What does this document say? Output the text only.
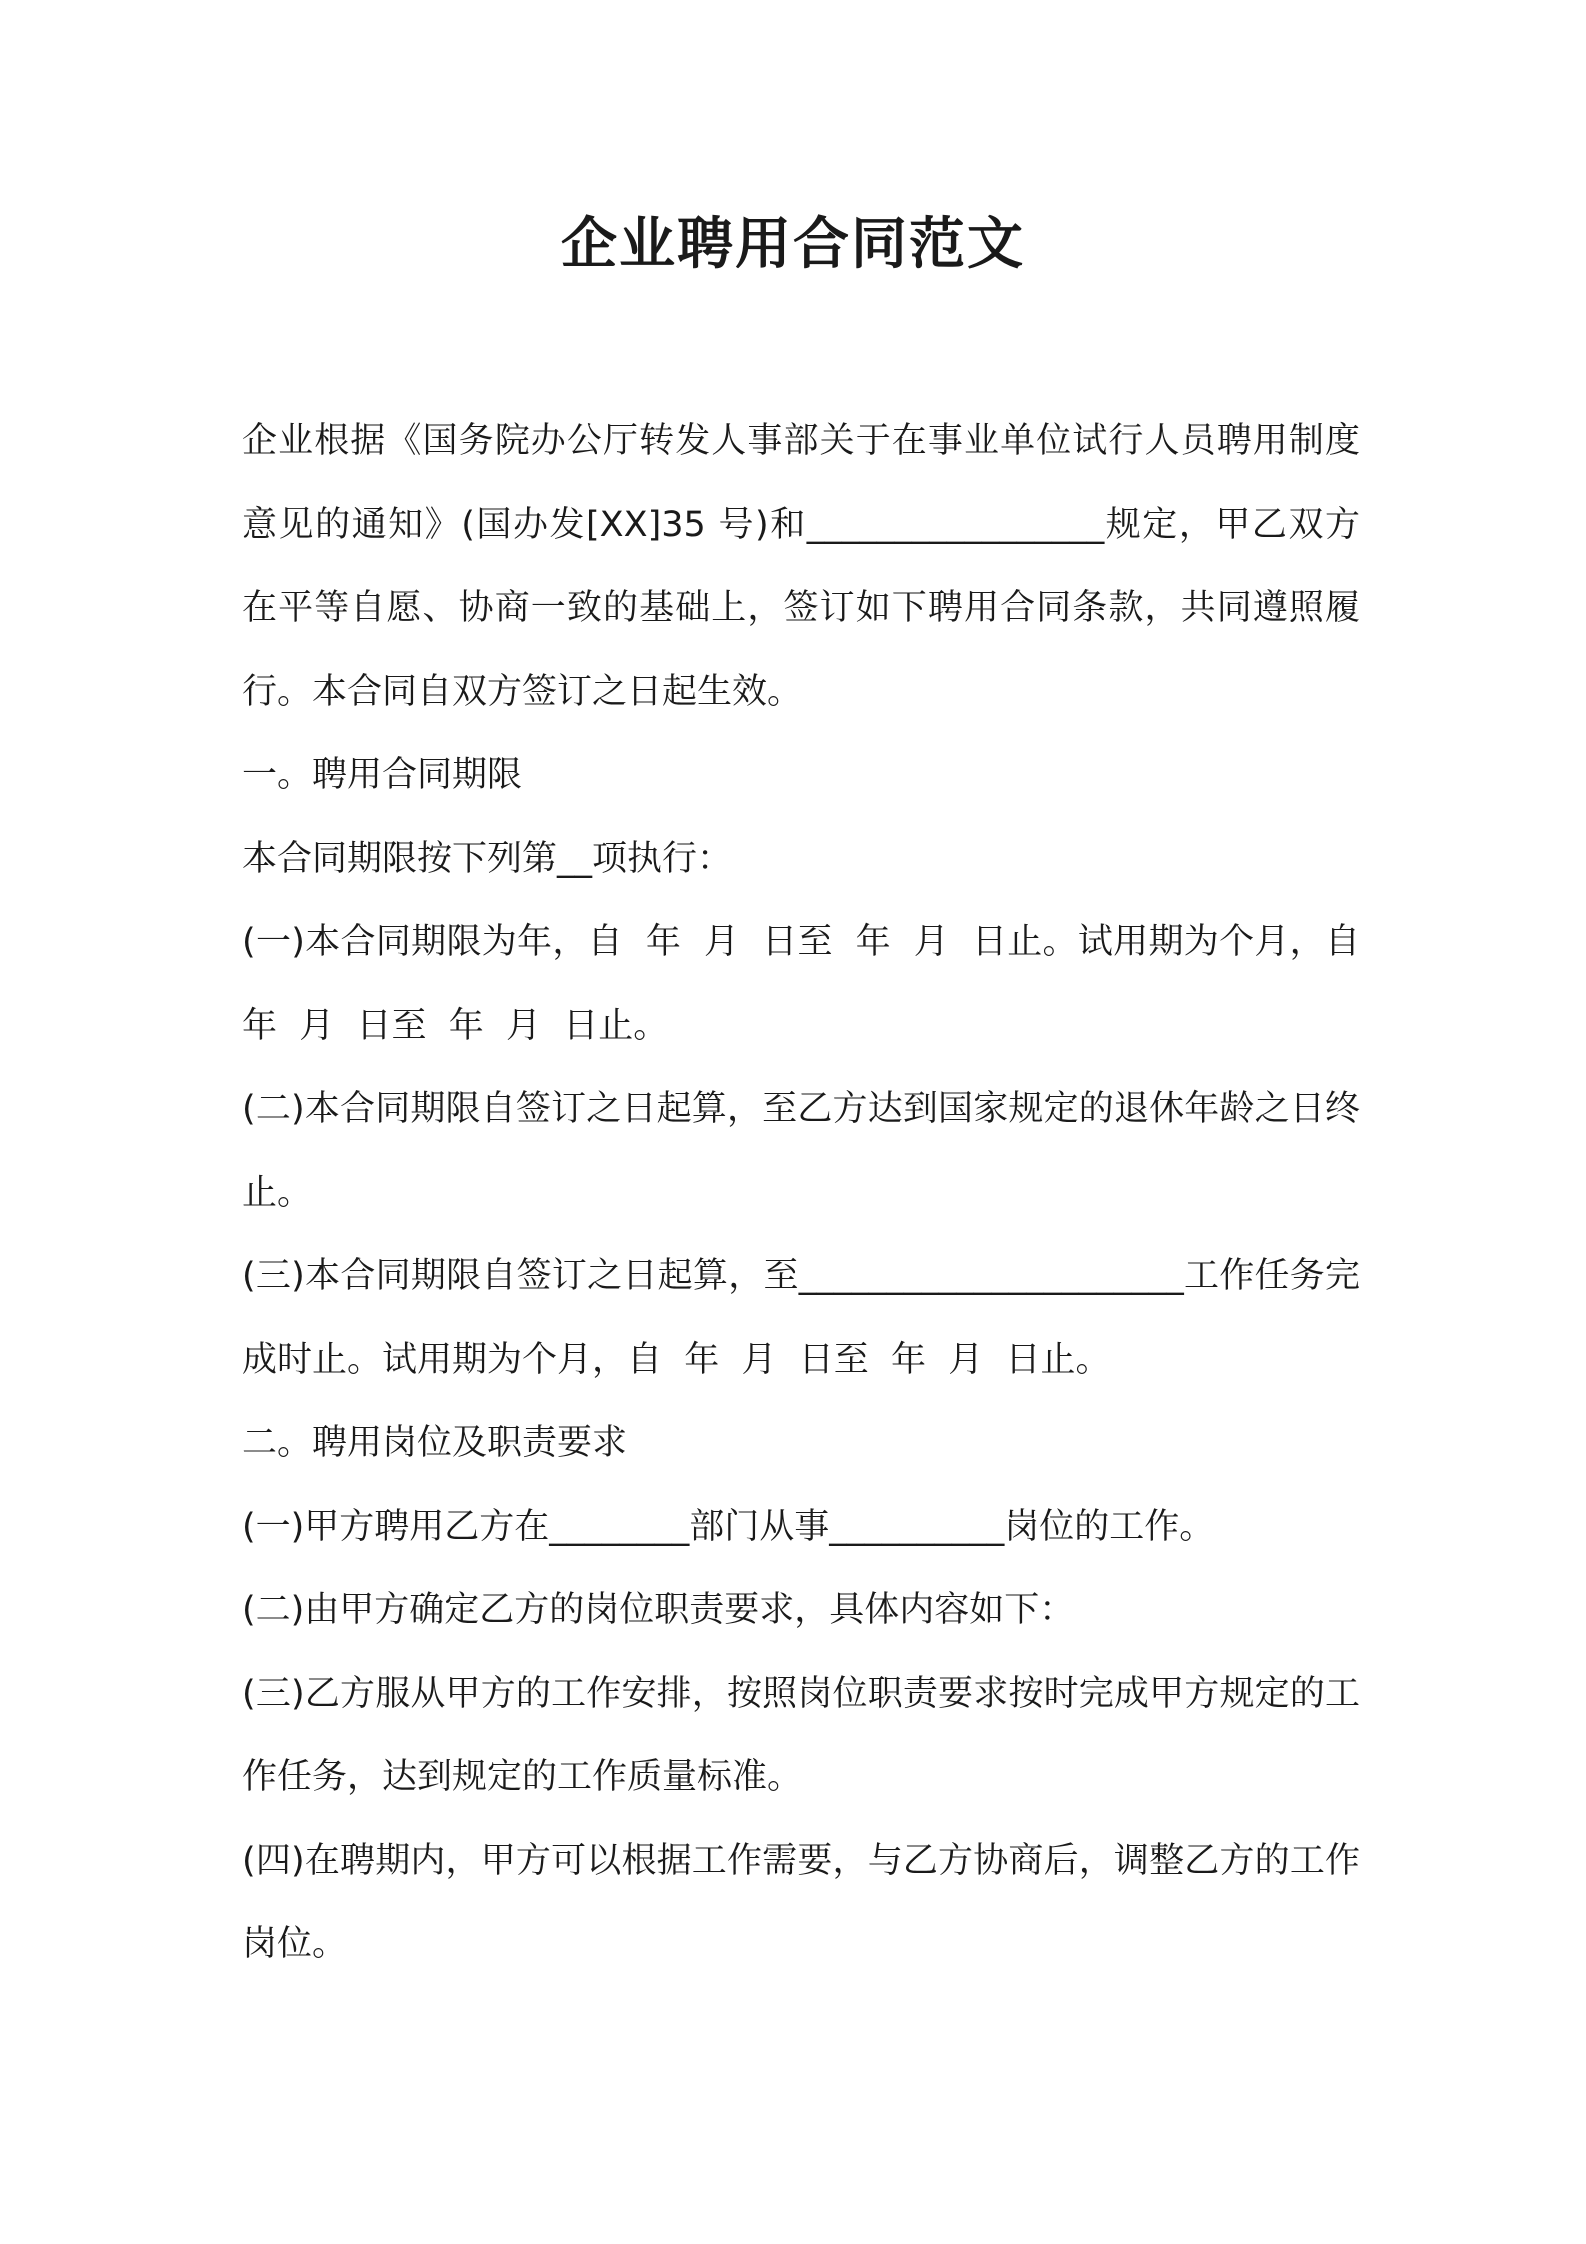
企业聘用合同范文

企业根据《国务院办公厅转发人事部关于在事业单位试行人员聘用制度意见的通知》(国办发[XX]35 号)和_________________规定，甲乙双方在平等自愿、协商一致的基础上，签订如下聘用合同条款，共同遵照履行。本合同自双方签订之日起生效。

一。聘用合同期限

本合同期限按下列第__项执行：

(一)本合同期限为年，自  年  月  日至  年  月  日止。试用期为个月，自  年  月  日至  年  月  日止。

(二)本合同期限自签订之日起算，至乙方达到国家规定的退休年龄之日终止。

(三)本合同期限自签订之日起算，至______________________工作任务完成时止。试用期为个月，自  年  月  日至  年  月  日止。

二。聘用岗位及职责要求

(一)甲方聘用乙方在________部门从事__________岗位的工作。

(二)由甲方确定乙方的岗位职责要求，具体内容如下：

(三)乙方服从甲方的工作安排，按照岗位职责要求按时完成甲方规定的工作任务，达到规定的工作质量标准。

(四)在聘期内，甲方可以根据工作需要，与乙方协商后，调整乙方的工作岗位。
